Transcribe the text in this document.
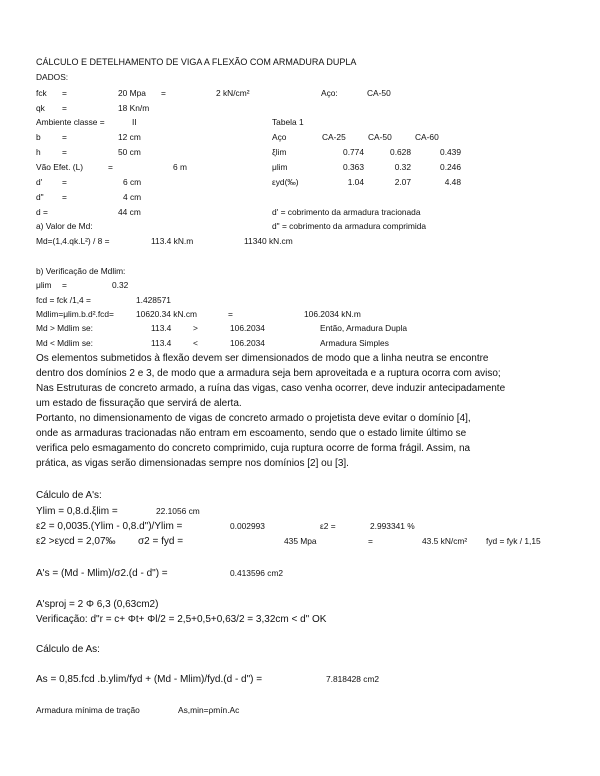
CÁLCULO E DETELHAMENTO DE VIGA A FLEXÃO COM ARMADURA DUPLA
DADOS:
fck =	20 Mpa =	2 kN/cm²	Aço:	CA-50
qk =	18 Kn/m
Ambiente classe =	II	Tabela 1
b	=	12 cm	Aço	CA-25	CA-50	CA-60
h	=	50 cm	ξlim	0.774	0.628	0.439
Vão Efet. (L)	=	6 m	μlim	0.363	0.32	0.246
d' =	6 cm	εyd(‰)	1.04	2.07	4.48
d" =	4 cm
d =	44 cm	d' = cobrimento da armadura tracionada
a) Valor de Md:	d" = cobrimento da armadura comprimida
Md=(1,4.qk.L²) / 8 =	113.4 kN.m	11340 kN.cm
b) Verificação de Mdlim:
μlim =	0.32
fcd = fck /1,4 =	1.428571
Mdlim=μlim.b.d².fcd=	10620.34 kN.cm	=	106.2034 kN.m
Md > Mdlim se:	113.4	>	106.2034	Então, Armadura Dupla
Md < Mdlim se:	113.4	<	106.2034	Armadura Simples
Os elementos submetidos à flexão devem ser dimensionados de modo que a linha neutra se encontre
dentro dos domínios 2 e 3, de modo que a armadura seja bem aproveitada e a ruptura ocorra com aviso;
Nas Estruturas de concreto armado, a ruína das vigas, caso venha ocorrer, deve induzir antecipadamente
um estado de fissuração que servirá de alerta.
Portanto, no dimensionamento de vigas de concreto armado o projetista deve evitar o domínio [4],
onde as armaduras tracionadas não entram em escoamento, sendo que o estado limite último se
verifica pelo esmagamento do concreto comprimido, cuja ruptura ocorre de forma frágil. Assim, na
prática, as vigas serão dimensionadas sempre nos domínios [2] ou [3].
Cálculo de A's:
Ylim = 0,8.d.ξlim =	22.1056 cm
ε2 = 0,0035.(Ylim - 0,8.d")/Ylim =	0.002993	ε2 =	2.993341 %
ε2 >εycd = 2,07‰ σ2 = fyd =	435 Mpa	=	43.5 kN/cm² fyd = fyk / 1,15
A's = (Md - Mlim)/σ2.(d - d") =	0.413596 cm2
A'sproj = 2 Φ 6,3 (0,63cm2)
Verificação: d"r = c+ Φt+ Φl/2 = 2,5+0,5+0,63/2 = 3,32cm < d" OK
Cálculo de As:
As = 0,85.fcd .b.ylim/fyd + (Md - Mlim)/fyd.(d - d") =	7.818428 cm2
Armadura mínima de tração	As,min=ρmín.Ac
